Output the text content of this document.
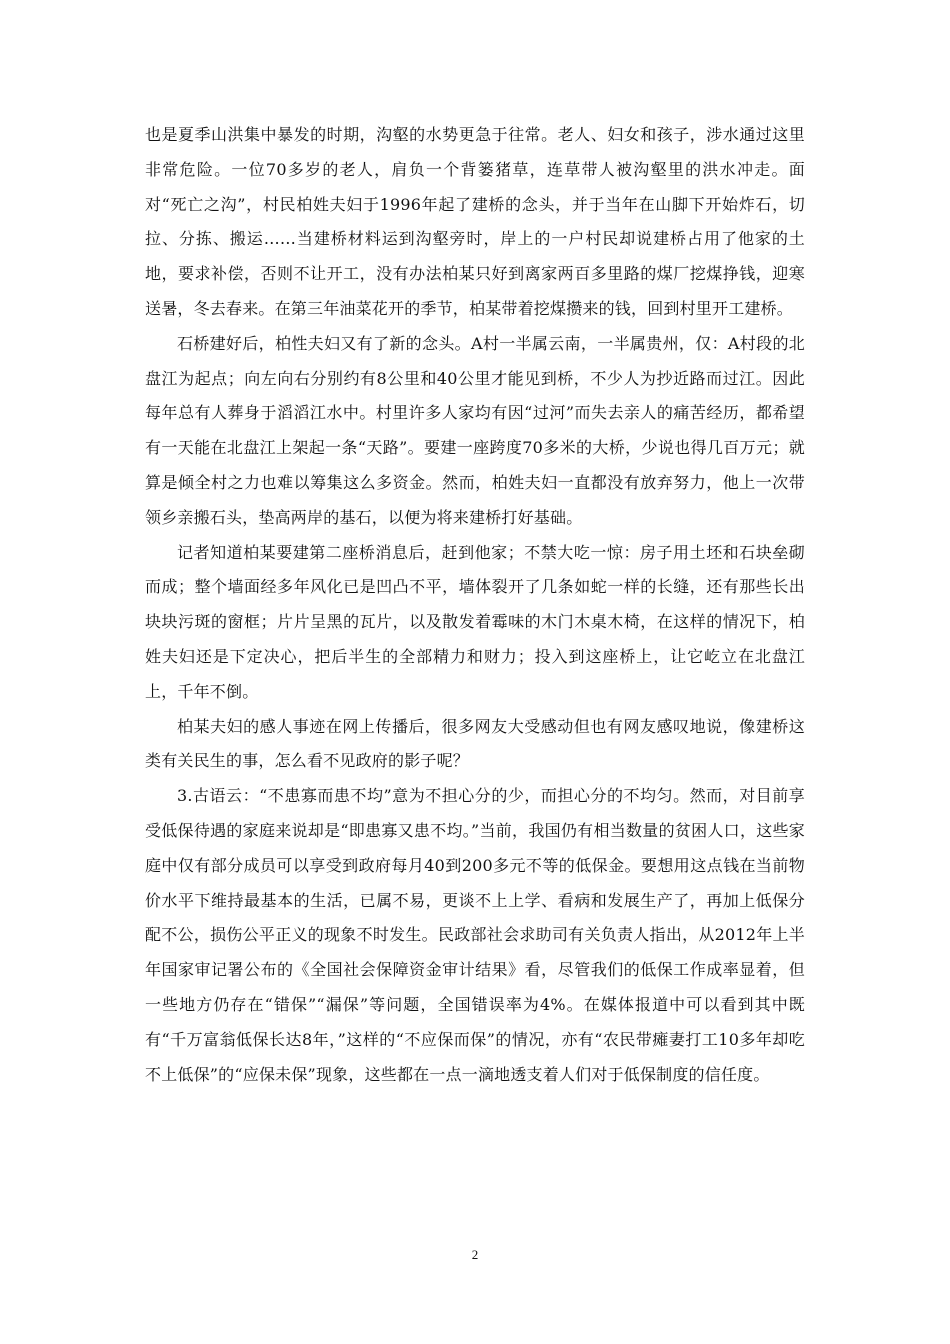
也是夏季山洪集中暴发的时期，沟壑的水势更急于往常。老人、妇女和孩子，涉水通过这里非常危险。一位70多岁的老人，肩负一个背篓猪草，连草带人被沟壑里的洪水冲走。面对“死亡之沟”，村民柏姓夫妇于1996年起了建桥的念头，并于当年在山脚下开始炸石，切拉、分拣、搬运……当建桥材料运到沟壑旁时，岸上的一户村民却说建桥占用了他家的土地，要求补偿，否则不让开工，没有办法柏某只好到离家两百多里路的煤厂挖煤挣钱，迎寒送暑，冬去春来。在第三年油菜花开的季节，柏某带着挖煤攒来的钱，回到村里开工建桥。

石桥建好后，柏性夫妇又有了新的念头。A村一半属云南，一半属贵州，仅：A村段的北盘江为起点；向左向右分别约有8公里和40公里才能见到桥，不少人为抄近路而过江。因此每年总有人葬身于滔滔江水中。村里许多人家均有因“过河”而失去亲人的痛苦经历，都希望有一天能在北盘江上架起一条“天路”。要建一座跨度70多米的大桥，少说也得几百万元；就算是倾全村之力也难以筹集这么多资金。然而，柏姓夫妇一直都没有放弃努力，他上一次带领乡亲搬石头，垫高两岸的基石，以便为将来建桥打好基础。

记者知道柏某要建第二座桥消息后，赶到他家；不禁大吃一惊：房子用土坯和石块垒砌而成；整个墙面经多年风化已是凹凸不平，墙体裂开了几条如蛇一样的长缝，还有那些长出块块污斑的窗框；片片呈黑的瓦片，以及散发着霉味的木门木桌木椅，在这样的情况下，柏姓夫妇还是下定决心，把后半生的全部精力和财力；投入到这座桥上，让它屹立在北盘江上，千年不倒。

柏某夫妇的感人事迹在网上传播后，很多网友大受感动但也有网友感叹地说，像建桥这类有关民生的事，怎么看不见政府的影子呢？

3.古语云：“不患寡而患不均”意为不担心分的少，而担心分的不均匀。然而，对目前享受低保待遇的家庭来说却是“即患寡又患不均。”当前，我国仍有相当数量的贫困人口，这些家庭中仅有部分成员可以享受到政府每月40到200多元不等的低保金。要想用这点钱在当前物价水平下维持最基本的生活，已属不易，更谈不上上学、看病和发展生产了，再加上低保分配不公，损伤公平正义的现象不时发生。民政部社会求助司有关负责人指出，从2012年上半年国家审记署公布的《全国社会保障资金审计结果》看，尽管我们的低保工作成率显着，但一些地方仍存在“错保”“漏保”等问题，全国错误率为4%。在媒体报道中可以看到其中既有“千万富翁低保长达8年，”这样的“不应保而保”的情况，亦有“农民带瘫妻打工10多年却吃不上低保”的“应保未保”现象，这些都在一点一滴地透支着人们对于低保制度的信任度。

2
